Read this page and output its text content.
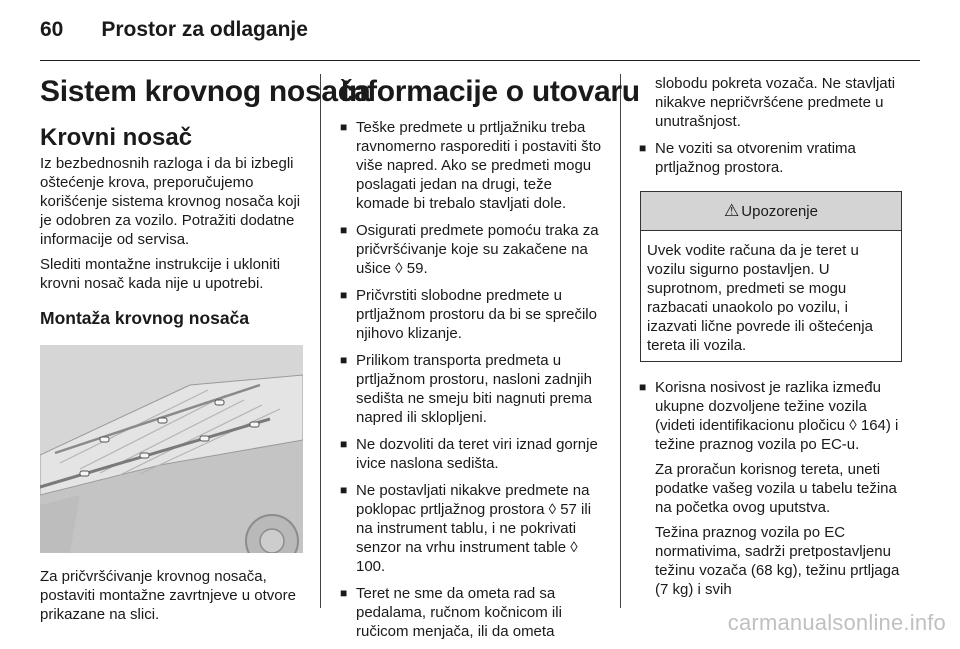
60 Prostor za odlaganje
Sistem krovnog nosača
Krovni nosač

Iz bezbednosnih razloga i da bi izbegli oštećenje krova, preporučujemo korišćenje sistema krovnog nosača koji je odobren za vozilo. Potražiti dodatne informacije od servisa.

Slediti montažne instrukcije i ukloniti krovni nosač kada nije u upotrebi.

Montaža krovnog nosača

Za pričvršćivanje krovnog nosača, postaviti montažne zavrtnjeve u otvore prikazane na slici.

Informacije o utovaru
■ Teške predmete u prtljažniku treba ravnomerno rasporediti i postaviti što više napred. Ako se predmeti mogu poslagati jedan na drugi, teže komade bi trebalo stavljati dole.
■ Osigurati predmete pomoću traka za pričvršćivanje koje su zakačene na ušice ◊ 59.
■ Pričvrstiti slobodne predmete u prtljažnom prostoru da bi se sprečilo njihovo klizanje.
■ Prilikom transporta predmeta u prtljažnom prostoru, nasloni zadnjih sedišta ne smeju biti nagnuti prema napred ili sklopljeni.
■ Ne dozvoliti da teret viri iznad gornje ivice naslona sedišta.
■ Ne postavljati nikakve predmete na poklopac prtljažnog prostora ◊ 57 ili na instrument tablu, i ne pokrivati senzor na vrhu instrument table ◊ 100.
■ Teret ne sme da ometa rad sa pedalama, ručnom kočnicom ili ručicom menjača, ili da ometa

slobodu pokreta vozača. Ne stavljati nikakve nepričvršćene predmete u unutrašnjost.

■ Ne voziti sa otvorenim vratima prtljažnog prostora.
⚠ Upozorenje
Uvek vodite računa da je teret u vozilu sigurno postavljen. U suprotnom, predmeti se mogu razbacati unaokolo po vozilu, i izazvati lične povrede ili oštećenja tereta ili vozila.
■ Korisna nosivost je razlika između ukupne dozvoljene težine vozila (videti identifikacionu pločicu ◊ 164) i težine praznog vozila po EC-u.

Za proračun korisnog tereta, uneti podatke vašeg vozila u tabelu težina na početka ovog uputstva.

Težina praznog vozila po EC normativima, sadrži pretpostavljenu težinu vozača (68 kg), težinu prtljaga (7 kg) i svih

carmanualsonline.info
